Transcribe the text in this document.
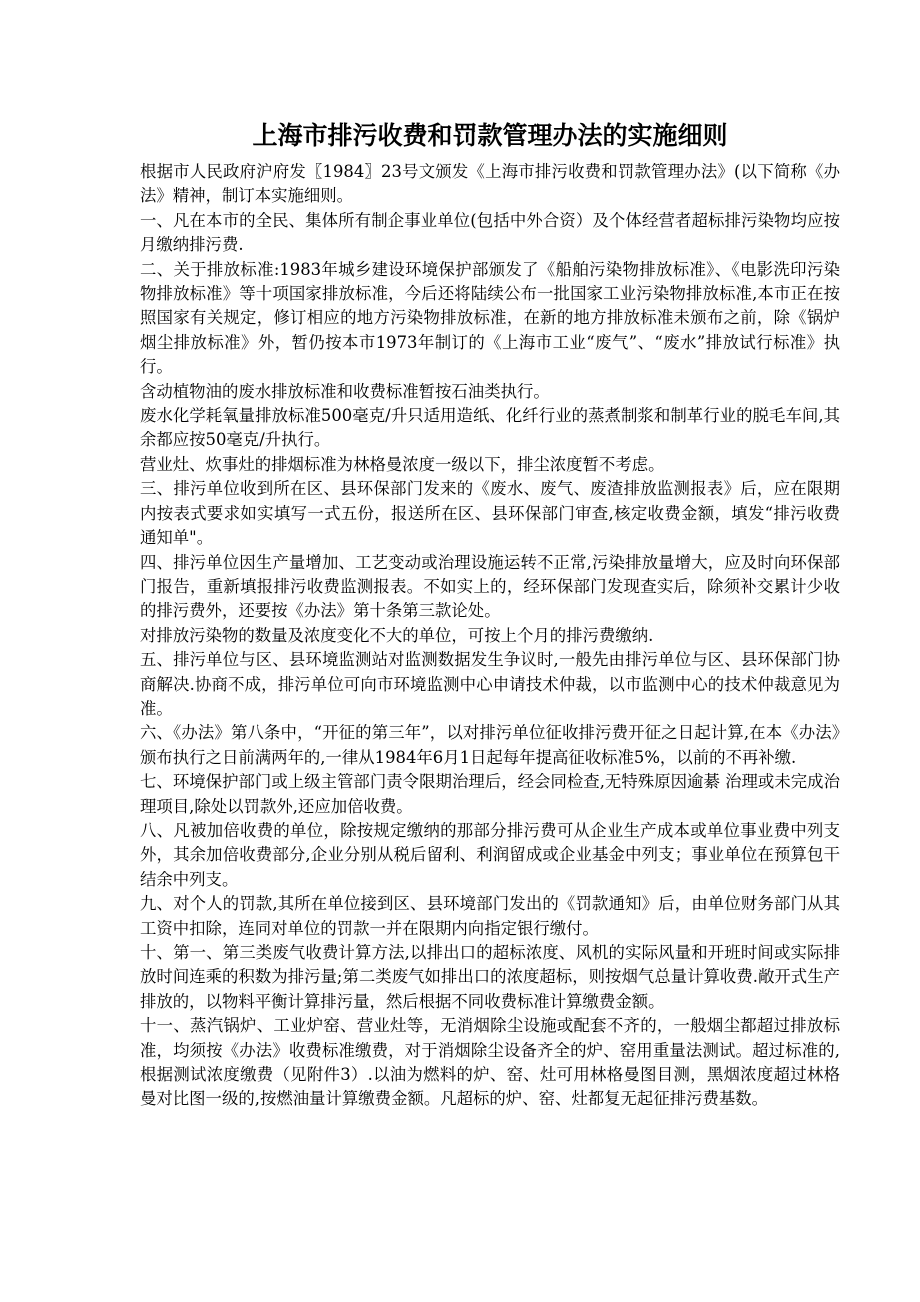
上海市排污收费和罚款管理办法的实施细则

根据市人民政府沪府发〖1984〗23号文颁发《上海市排污收费和罚款管理办法》(以下简称《办法》精神，制订本实施细则。

一、凡在本市的全民、集体所有制企事业单位(包括中外合资）及个体经营者超标排污染物均应按月缴纳排污费.

二、关于排放标准:1983年城乡建设环境保护部颁发了《船舶污染物排放标准》、《电影洗印污染物排放标准》等十项国家排放标准，今后还将陆续公布一批国家工业污染物排放标准,本市正在按照国家有关规定，修订相应的地方污染物排放标准，在新的地方排放标准未颁布之前，除《锅炉烟尘排放标准》外，暂仍按本市1973年制订的《上海市工业“废气”、“废水”排放试行标准》执行。

含动植物油的废水排放标准和收费标准暂按石油类执行。

废水化学耗氧量排放标准500毫克/升只适用造纸、化纤行业的蒸煮制浆和制革行业的脱毛车间,其余都应按50毫克/升执行。

营业灶、炊事灶的排烟标准为林格曼浓度一级以下，排尘浓度暂不考虑。

三、排污单位收到所在区、县环保部门发来的《废水、废气、废渣排放监测报表》后，应在限期内按表式要求如实填写一式五份，报送所在区、县环保部门审查,核定收费金额，填发“排污收费通知单"。

四、排污单位因生产量增加、工艺变动或治理设施运转不正常,污染排放量增大，应及时向环保部门报告，重新填报排污收费监测报表。不如实上的，经环保部门发现查实后，除须补交累计少收的排污费外，还要按《办法》第十条第三款论处。

对排放污染物的数量及浓度变化不大的单位，可按上个月的排污费缴纳.

五、排污单位与区、县环境监测站对监测数据发生争议时,一般先由排污单位与区、县环保部门协商解决.协商不成，排污单位可向市环境监测中心申请技术仲裁，以市监测中心的技术仲裁意见为准。

六、《办法》第八条中，“开征的第三年”，以对排污单位征收排污费开征之日起计算,在本《办法》颁布执行之日前满两年的,一律从1984年6月1日起每年提高征收标准5%，以前的不再补缴.

七、环境保护部门或上级主管部门责令限期治理后，经会同检查,无特殊原因逾綦 治理或未完成治理项目,除处以罚款外,还应加倍收费。

八、凡被加倍收费的单位，除按规定缴纳的那部分排污费可从企业生产成本或单位事业费中列支外，其余加倍收费部分,企业分别从税后留利、利润留成或企业基金中列支；事业单位在预算包干结余中列支。

九、对个人的罚款,其所在单位接到区、县环境部门发出的《罚款通知》后，由单位财务部门从其工资中扣除，连同对单位的罚款一并在限期内向指定银行缴付。

十、第一、第三类废气收费计算方法,以排出口的超标浓度、风机的实际风量和开班时间或实际排放时间连乘的积数为排污量;第二类废气如排出口的浓度超标，则按烟气总量计算收费.敞开式生产排放的，以物料平衡计算排污量，然后根据不同收费标准计算缴费金额。

十一、蒸汽锅炉、工业炉窑、营业灶等，无消烟除尘设施或配套不齐的，一般烟尘都超过排放标准，均须按《办法》收费标准缴费，对于消烟除尘设备齐全的炉、窑用重量法测试。超过标准的,根据测试浓度缴费（见附件3）.以油为燃料的炉、窑、灶可用林格曼图目测，黑烟浓度超过林格曼对比图一级的,按燃油量计算缴费金额。凡超标的炉、窑、灶都复无起征排污费基数。
